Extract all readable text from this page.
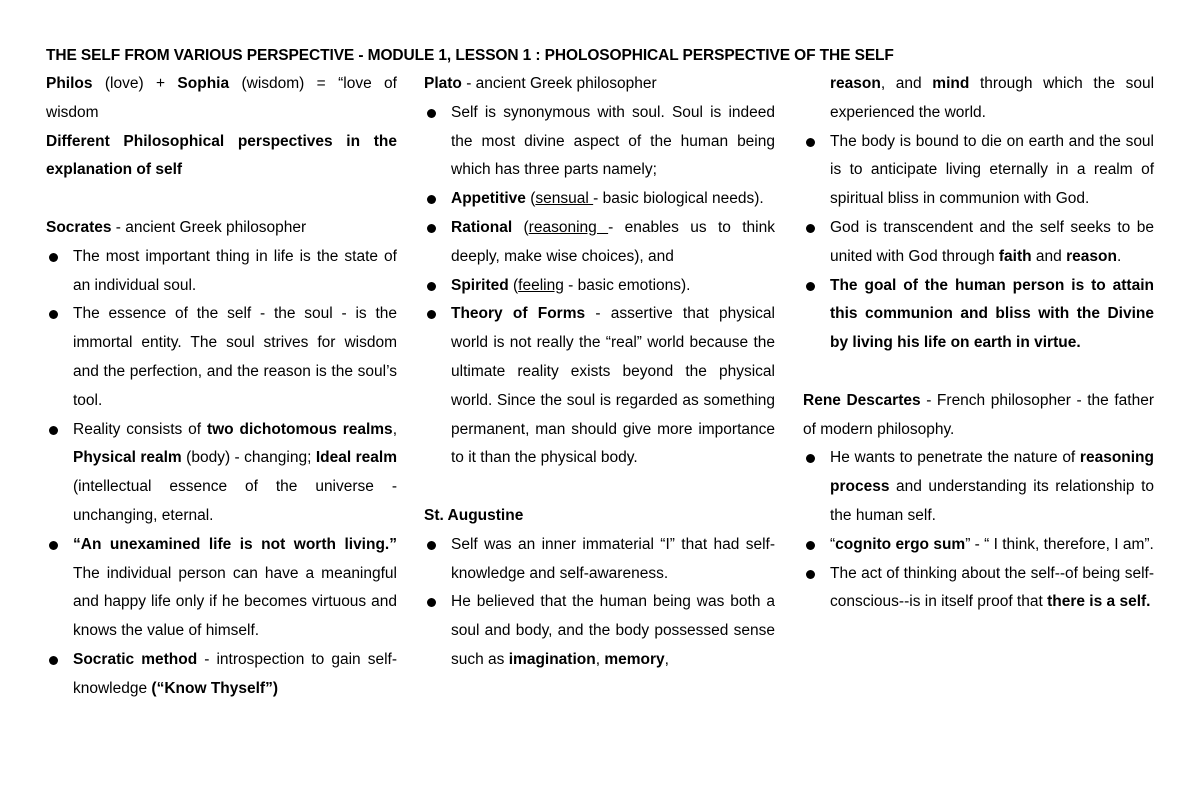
THE SELF FROM VARIOUS PERSPECTIVE - MODULE 1, LESSON 1 : PHOLOSOPHICAL PERSPECTIVE OF THE SELF

Philos (love) + Sophia (wisdom) = “love of wisdom

Different Philosophical perspectives in the explanation of self

Socrates - ancient Greek philosopher

The most important thing in life is the state of an individual soul.
The essence of the self - the soul - is the immortal entity. The soul strives for wisdom and the perfection, and the reason is the soul’s tool.
Reality consists of two dichotomous realms, Physical realm (body) - changing; Ideal realm (intellectual essence of the universe - unchanging, eternal.
“An unexamined life is not worth living.” The individual person can have a meaningful and happy life only if he becomes virtuous and knows the value of himself.
Socratic method - introspection to gain self-knowledge (“Know Thyself”)

Plato - ancient Greek philosopher

Self is synonymous with soul. Soul is indeed the most divine aspect of the human being which has three parts namely;
Appetitive (sensual - basic biological needs).
Rational (reasoning - enables us to think deeply, make wise choices), and
Spirited (feeling - basic emotions).
Theory of Forms - assertive that physical world is not really the “real” world because the ultimate reality exists beyond the physical world. Since the soul is regarded as something permanent, man should give more importance to it than the physical body.

St. Augustine

Self was an inner immaterial “I” that had self-knowledge and self-awareness.
He believed that the human being was both a soul and body, and the body possessed sense such as imagination, memory,
reason, and mind through which the soul experienced the world.
The body is bound to die on earth and the soul is to anticipate living eternally in a realm of spiritual bliss in communion with God.
God is transcendent and the self seeks to be united with God through faith and reason.
The goal of the human person is to attain this communion and bliss with the Divine by living his life on earth in virtue.

Rene Descartes - French philosopher - the father of modern philosophy.

He wants to penetrate the nature of reasoning process and understanding its relationship to the human self.
“cognito ergo sum” - “ I think, therefore, I am”.
The act of thinking about the self--of being self-conscious--is in itself proof that there is a self.
